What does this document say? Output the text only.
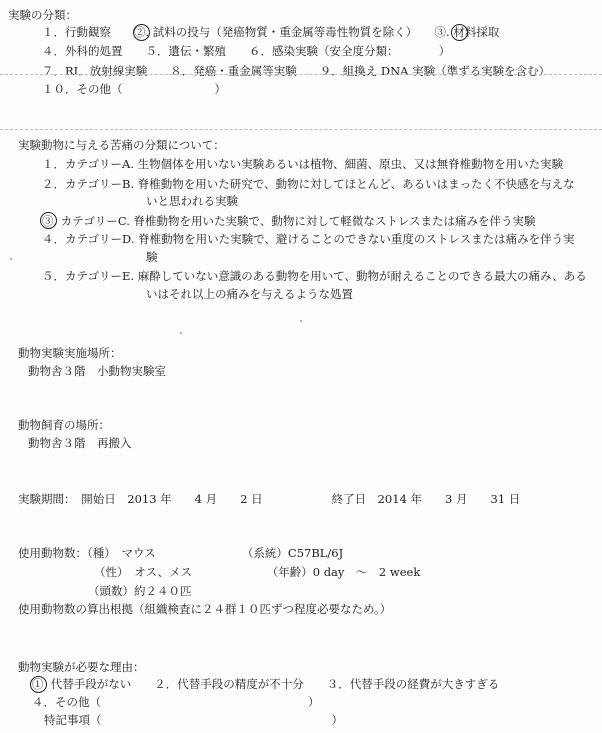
実験の分類：
１．行動観察　　②. 試料の投与（発癌物質・重金属等毒性物質を除く）　　③. 材料採取
４．外科的処置　　５．遺伝・繁殖　　６．感染実験（安全度分類：　　　　）
７．RI．放射線実験　　８．発癌・重金属等実験　　９．組換え DNA 実験（準ずる実験を含む）
１０．その他（　　　　　　　　）
実験動物に与える苦痛の分類について：
１．カテゴリーA. 生物個体を用いない実験あるいは植物、細菌、原虫、又は無脊椎動物を用いた実験
２．カテゴリーB. 脊椎動物を用いた研究で、動物に対してほとんど、あるいはまったく不快感を与えな
いと思われる実験
③. カテゴリーC. 脊椎動物を用いた実験で、動物に対して軽微なストレスまたは痛みを伴う実験
４．カテゴリーD. 脊椎動物を用いた実験で、避けることのできない重度のストレスまたは痛みを伴う実
験
５．カテゴリーE. 麻酔していない意識のある動物を用いて、動物が耐えることのできる最大の痛み、ある
いはそれ以上の痛みを与えるような処置
動物実験実施場所：
動物舎３階　小動物実験室
動物飼育の場所：
動物舎３階　再搬入
実験期間：　開始日　2013 年　　4 月　　2 日　　　　　　終了日　2014 年　　3 月　　31 日
使用動物数：（種）　マウス　　　　　　　　（系統）C57BL/6J
（性）　オス、メス　　　　　　　（年齢）0 day　～　2 week
（頭数）約２４０匹
使用動物数の算出根拠（組織検査に２４群１０匹ずつ程度必要なため。）
動物実験が必要な理由：
①  代替手段がない　　２．代替手段の精度が不十分　　３．代替手段の経費が大きすぎる
４．その他（　　　　　　　　　　　　　　　　　　）
特記事項（　　　　　　　　　　　　　　　　　　　　）
